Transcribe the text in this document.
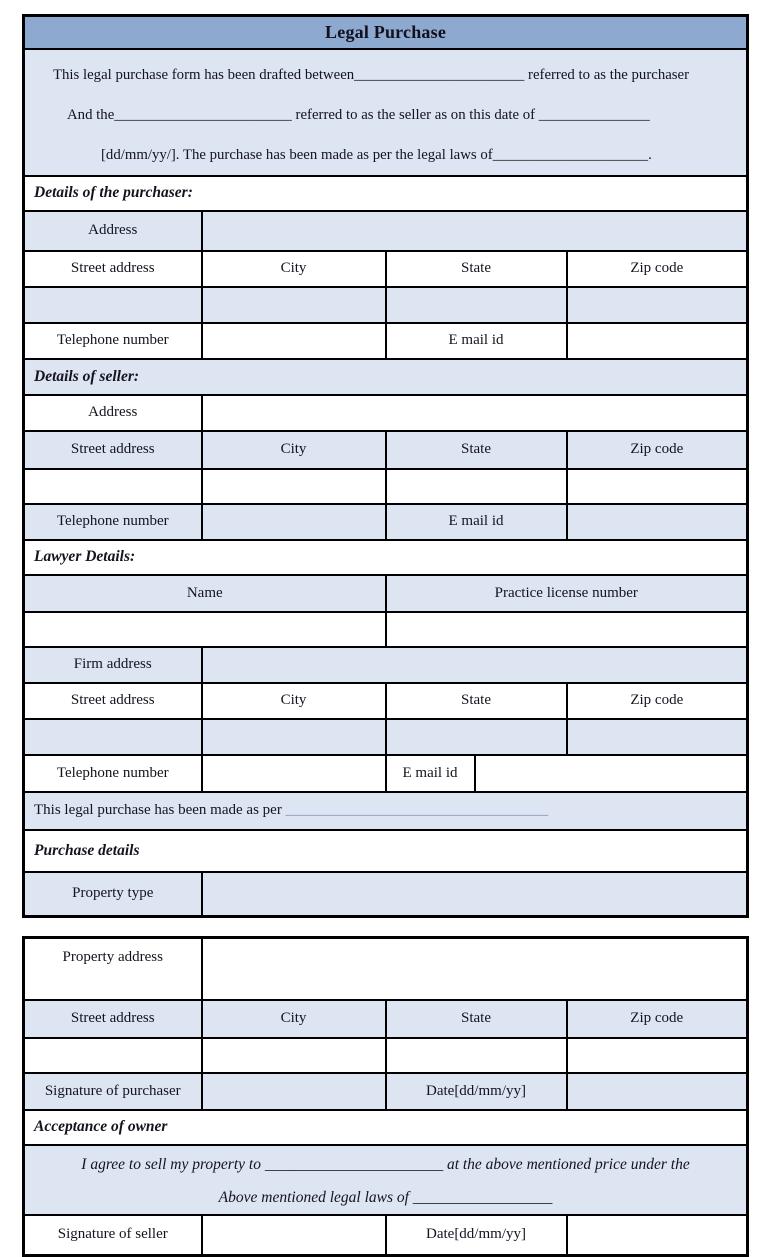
Legal Purchase				

This legal purchase form has been drafted between_______________________ referred to as the purchaser
And the________________________ referred to as the seller as on this date of _______________
[dd/mm/yy/]. The purchase has been made as per the legal laws of_____________________.				

Details of the purchaser:				
Address				
Street address	City	State		Zip code

Telephone number		E mail id		
Details of seller:				
Address				
Street address	City	State		Zip code

Telephone number		E mail id		
Lawyer Details:				
Name		Practice license number		

Firm address				
Street address	City	State		Zip code

Telephone number		E mail id		
This legal purchase has been made as per ___________________________________				
Purchase details				
Property type				
Property address			
Street address	City	State	Zip code

Signature of purchaser		Date[dd/mm/yy]	
Acceptance of owner			

I agree to sell my property to _______________________ at the above mentioned price under the
Above mentioned legal laws of __________________			

Signature of seller		Date[dd/mm/yy]	
